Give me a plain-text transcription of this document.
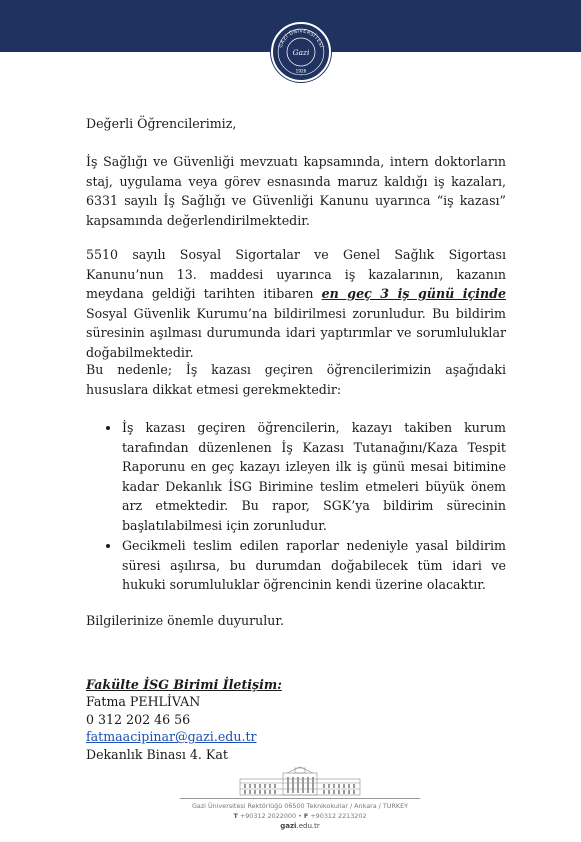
GAZİ ÜNİVERSİTESİ
Gazi
1926

Değerli Öğrencilerimiz,

İş Sağlığı ve Güvenliği mevzuatı kapsamında, intern doktorların staj, uygulama veya görev esnasında maruz kaldığı iş kazaları, 6331 sayılı İş Sağlığı ve Güvenliği Kanunu uyarınca “iş kazası” kapsamında değerlendirilmektedir.

5510 sayılı Sosyal Sigortalar ve Genel Sağlık Sigortası Kanunu’nun 13. maddesi uyarınca iş kazalarının, kazanın meydana geldiği tarihten itibaren en geç 3 iş günü içinde Sosyal Güvenlik Kurumu’na bildirilmesi zorunludur. Bu bildirim süresinin aşılması durumunda idari yaptırımlar ve sorumluluklar doğabilmektedir.

Bu nedenle; İş kazası geçiren öğrencilerimizin aşağıdaki hususlara dikkat etmesi gerekmektedir:

İş kazası geçiren öğrencilerin, kazayı takiben kurum tarafından düzenlenen İş Kazası Tutanağını/Kaza Tespit Raporunu en geç kazayı izleyen ilk iş günü mesai bitimine kadar Dekanlık İSG Birimine teslim etmeleri büyük önem arz etmektedir. Bu rapor, SGK’ya bildirim sürecinin başlatılabilmesi için zorunludur.

Gecikmeli teslim edilen raporlar nedeniyle yasal bildirim süresi aşılırsa, bu durumdan doğabilecek tüm idari ve hukuki sorumluluklar öğrencinin kendi üzerine olacaktır.

Bilgilerinize önemle duyurulur.

Fakülte İSG Birimi İletişim:
Fatma PEHLİVAN
0 312 202 46 56
fatmaacipinar@gazi.edu.tr
Dekanlık Binası 4. Kat
Gazi Üniversitesi Rektörlüğü 06500 Teknikokullar / Ankara / TURKEY
T +90312 2022000 • F +90312 2213202
gazi.edu.tr
